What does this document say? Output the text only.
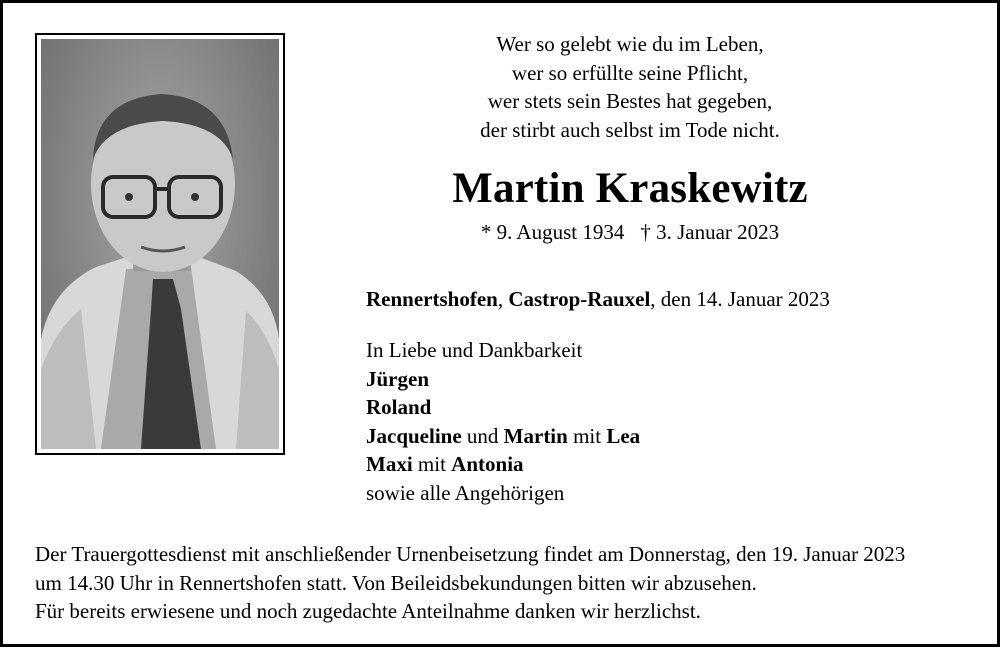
Wer so gelebt wie du im Leben,
wer so erfüllte seine Pflicht,
wer stets sein Bestes hat gegeben,
der stirbt auch selbst im Tode nicht.
Martin Kraskewitz
* 9. August 1934 † 3. Januar 2023
Rennertshofen, Castrop-Rauxel, den 14. Januar 2023
In Liebe und Dankbarkeit
Jürgen
Roland
Jacqueline und Martin mit Lea
Maxi mit Antonia
sowie alle Angehörigen
Der Trauergottesdienst mit anschließender Urnenbeisetzung findet am Donnerstag, den 19. Januar 2023
um 14.30 Uhr in Rennertshofen statt. Von Beileidsbekundungen bitten wir abzusehen.
Für bereits erwiesene und noch zugedachte Anteilnahme danken wir herzlichst.
